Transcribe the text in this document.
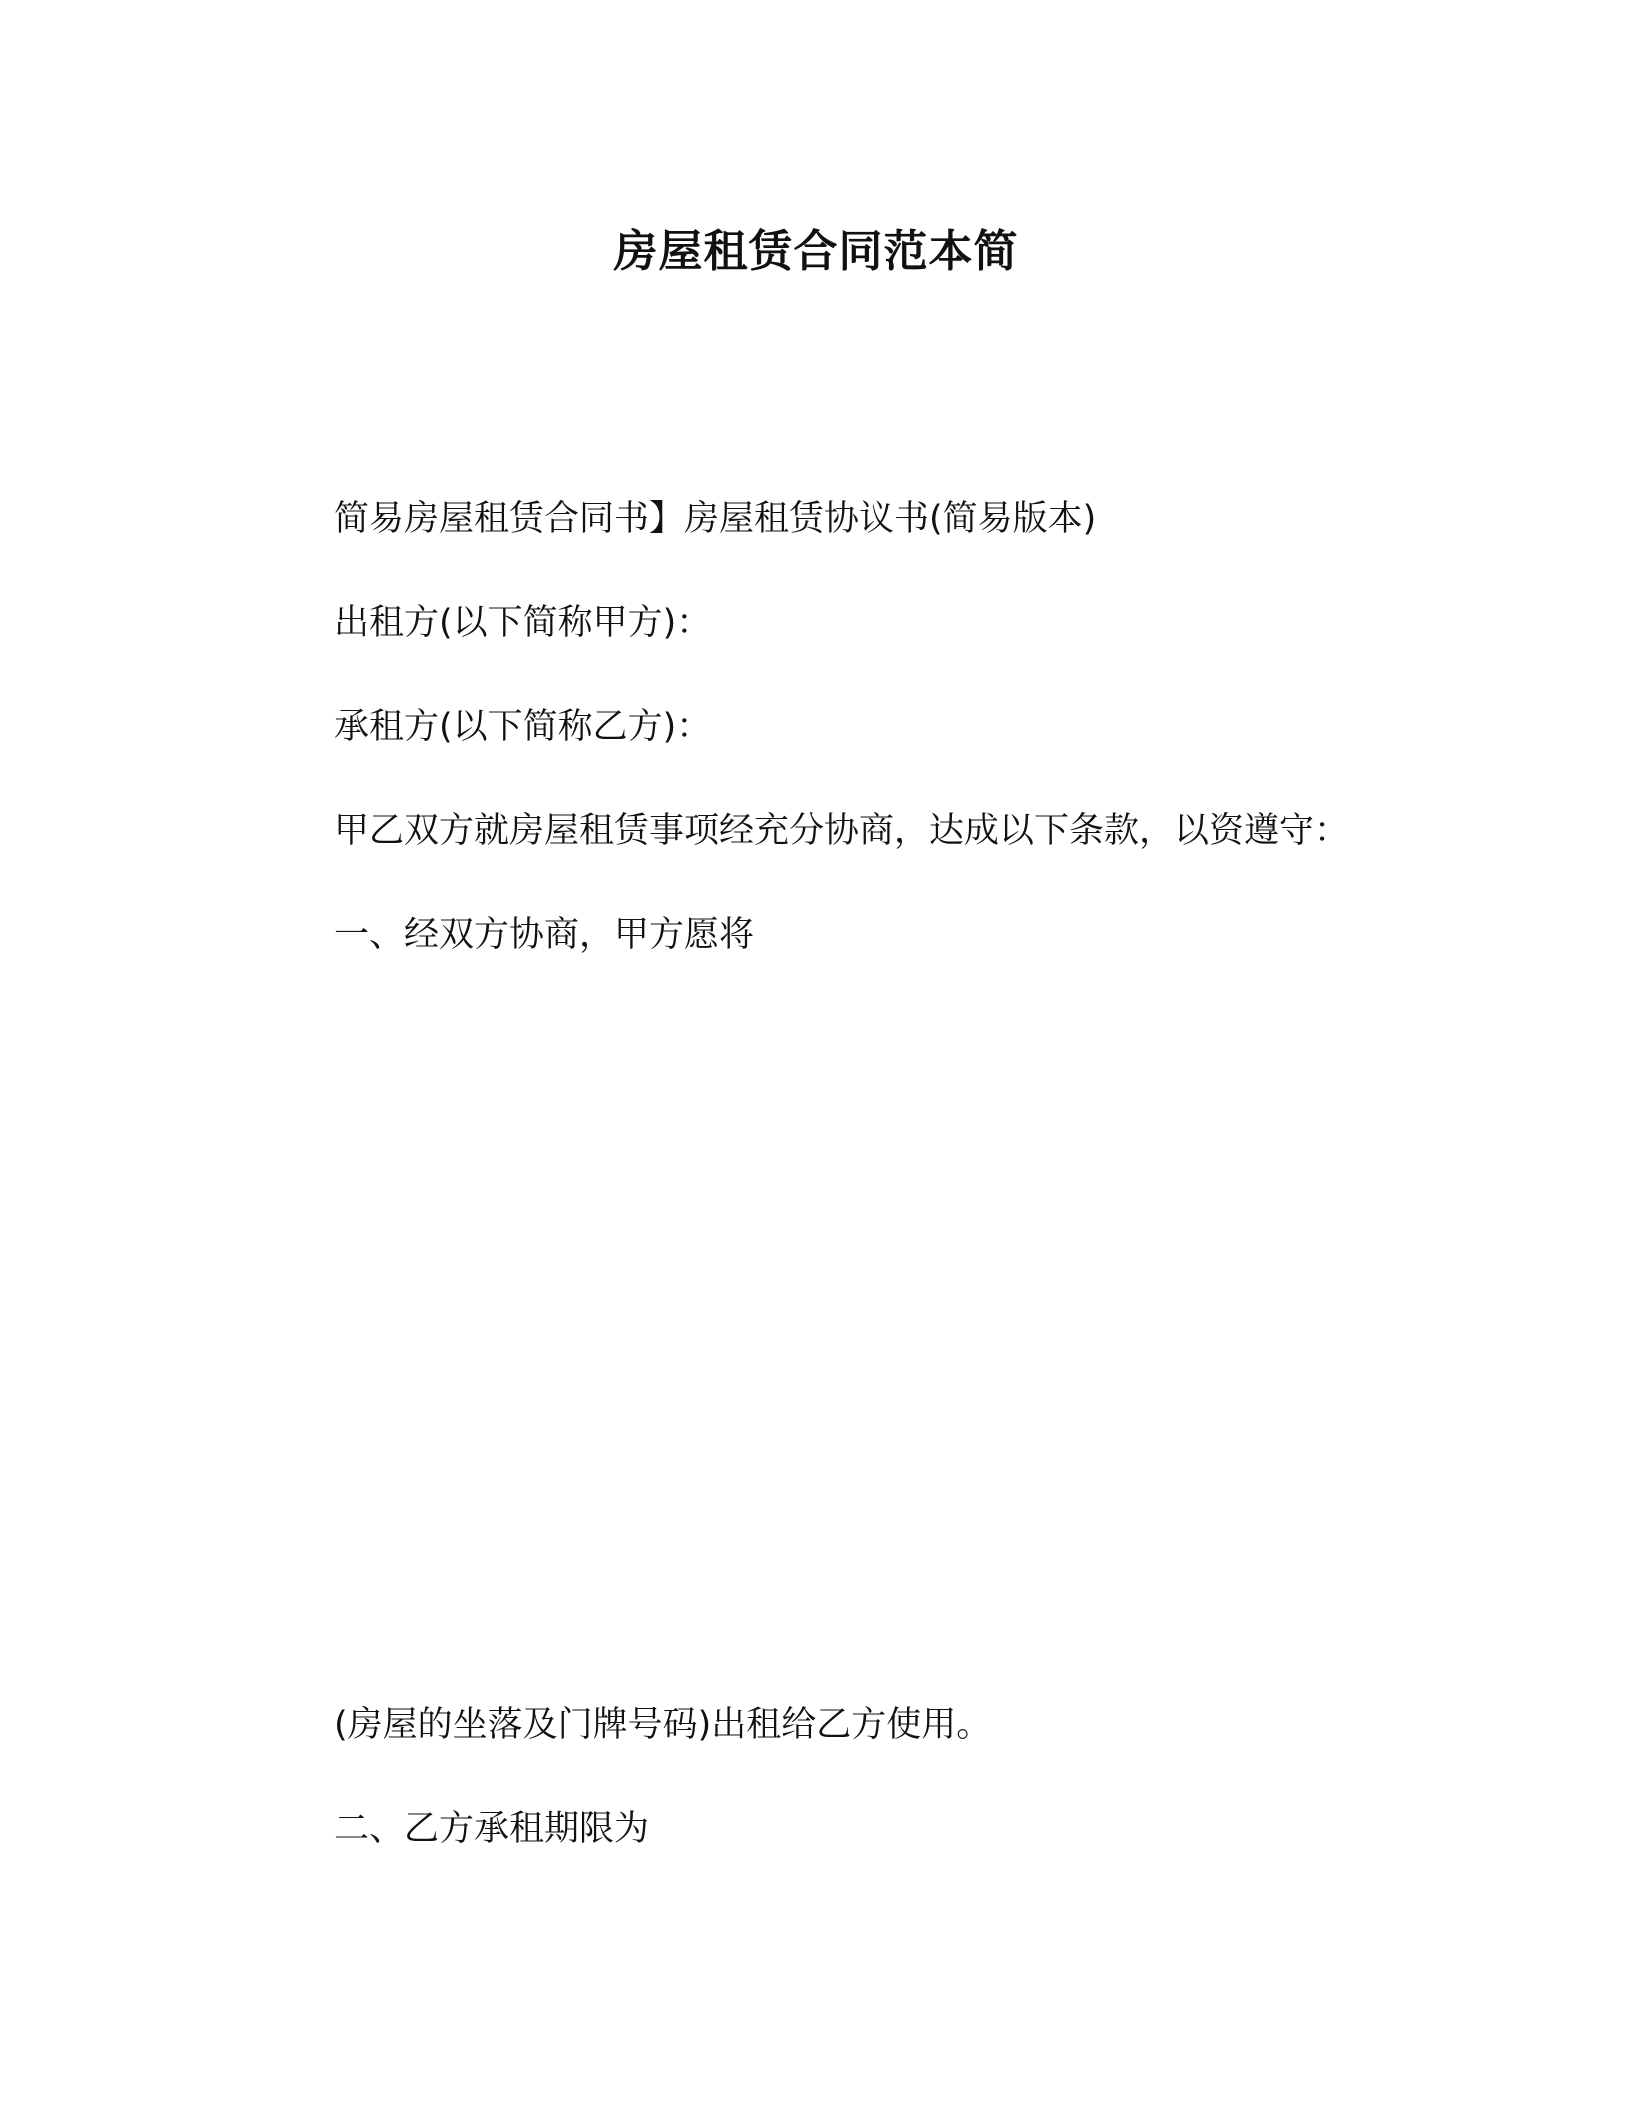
房屋租赁合同范本简
简易房屋租赁合同书】房屋租赁协议书(简易版本)
出租方(以下简称甲方)：
承租方(以下简称乙方)：
甲乙双方就房屋租赁事项经充分协商，达成以下条款，以资遵守：
一、经双方协商，甲方愿将
(房屋的坐落及门牌号码)出租给乙方使用。
二、乙方承租期限为
